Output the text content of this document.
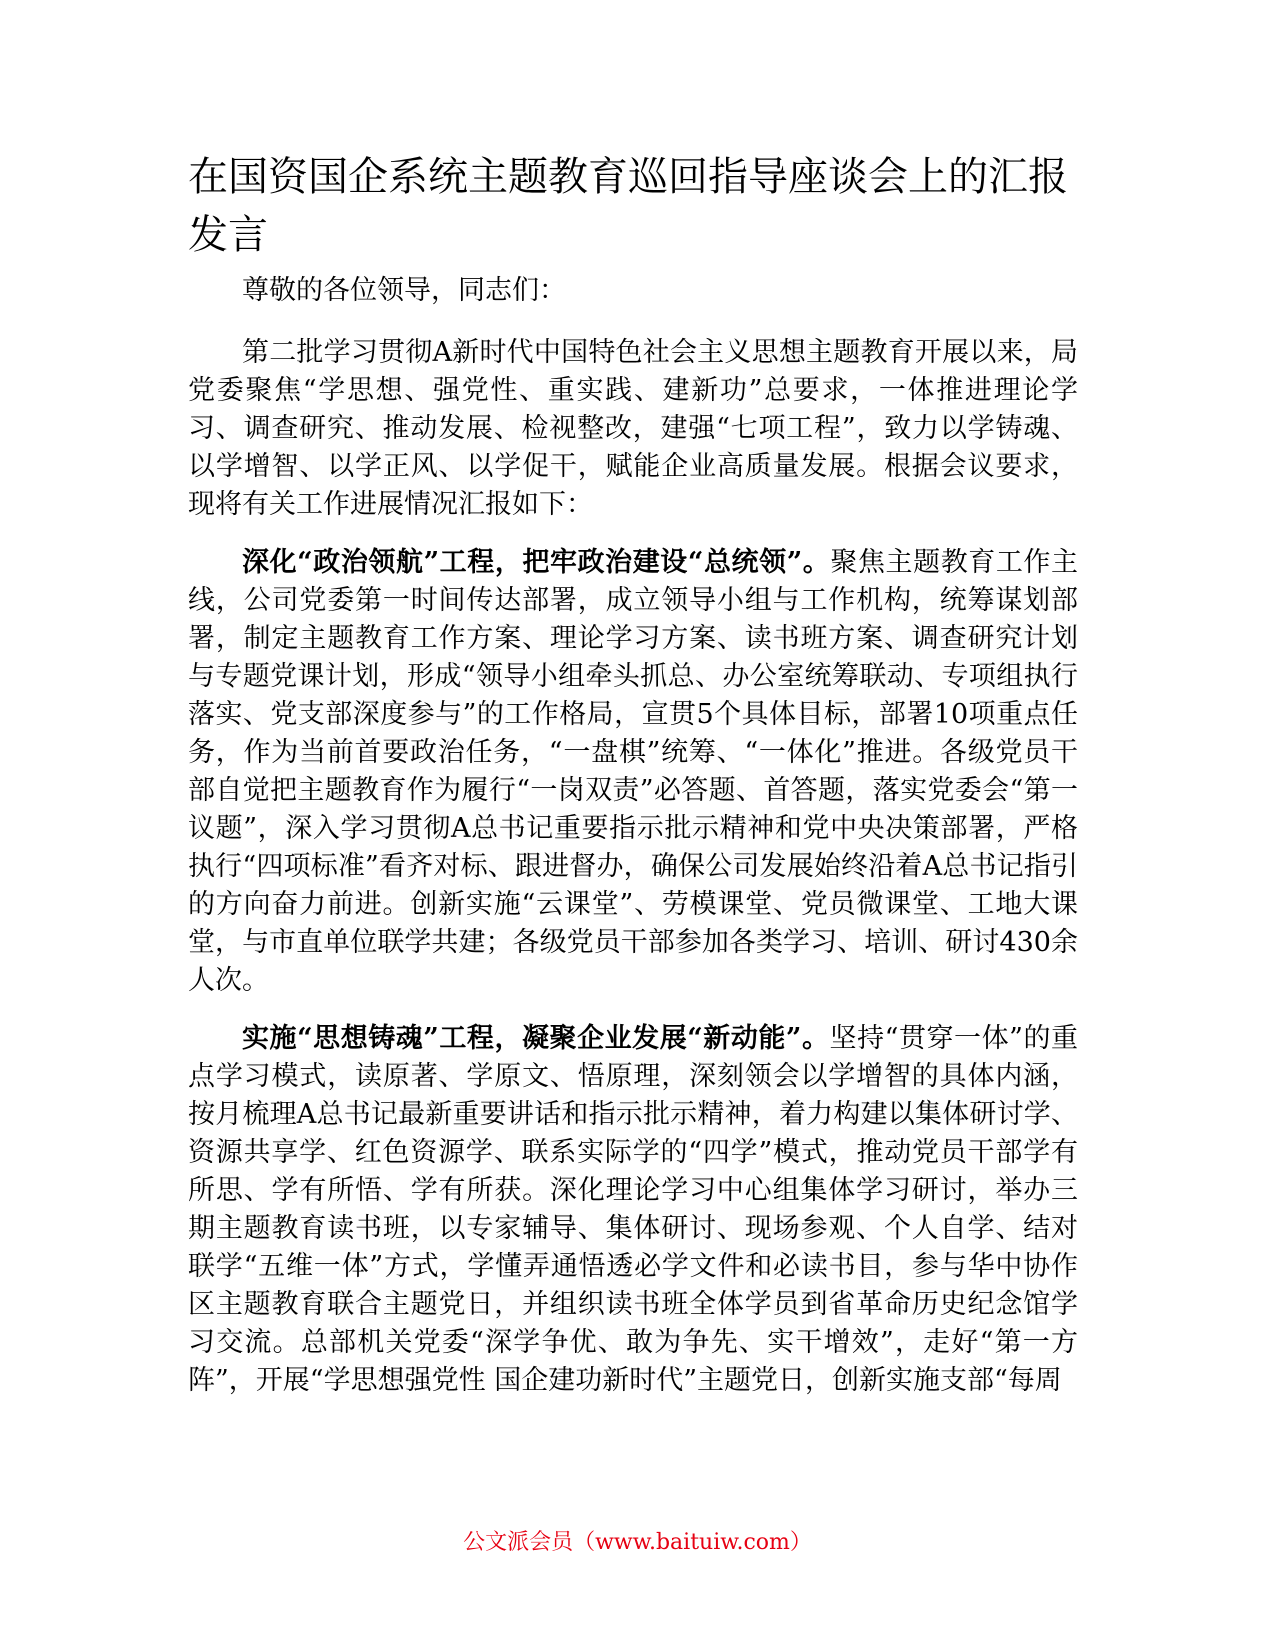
在国资国企系统主题教育巡回指导座谈会上的汇报发言

尊敬的各位领导，同志们：

第二批学习贯彻A新时代中国特色社会主义思想主题教育开展以来，局党委聚焦“学思想、强党性、重实践、建新功”总要求，一体推进理论学习、调查研究、推动发展、检视整改，建强“七项工程”，致力以学铸魂、以学增智、以学正风、以学促干，赋能企业高质量发展。根据会议要求，现将有关工作进展情况汇报如下：

深化“政治领航”工程，把牢政治建设“总统领”。聚焦主题教育工作主线，公司党委第一时间传达部署，成立领导小组与工作机构，统筹谋划部署，制定主题教育工作方案、理论学习方案、读书班方案、调查研究计划与专题党课计划，形成“领导小组牵头抓总、办公室统筹联动、专项组执行落实、党支部深度参与”的工作格局，宣贯5个具体目标，部署10项重点任务，作为当前首要政治任务，“一盘棋”统筹、“一体化”推进。各级党员干部自觉把主题教育作为履行“一岗双责”必答题、首答题，落实党委会“第一议题”，深入学习贯彻A总书记重要指示批示精神和党中央决策部署，严格执行“四项标准”看齐对标、跟进督办，确保公司发展始终沿着A总书记指引的方向奋力前进。创新实施“云课堂”、劳模课堂、党员微课堂、工地大课堂，与市直单位联学共建；各级党员干部参加各类学习、培训、研讨430余人次。

实施“思想铸魂”工程，凝聚企业发展“新动能”。坚持“贯穿一体”的重点学习模式，读原著、学原文、悟原理，深刻领会以学增智的具体内涵，按月梳理A总书记最新重要讲话和指示批示精神，着力构建以集体研讨学、资源共享学、红色资源学、联系实际学的“四学”模式，推动党员干部学有所思、学有所悟、学有所获。深化理论学习中心组集体学习研讨，举办三期主题教育读书班，以专家辅导、集体研讨、现场参观、个人自学、结对联学“五维一体”方式，学懂弄通悟透必学文件和必读书目，参与华中协作区主题教育联合主题党日，并组织读书班全体学员到省革命历史纪念馆学习交流。总部机关党委“深学争优、敢为争先、实干增效”，走好“第一方阵”，开展“学思想强党性 国企建功新时代”主题党日，创新实施支部“每周

公文派会员（www.baituiw.com）
